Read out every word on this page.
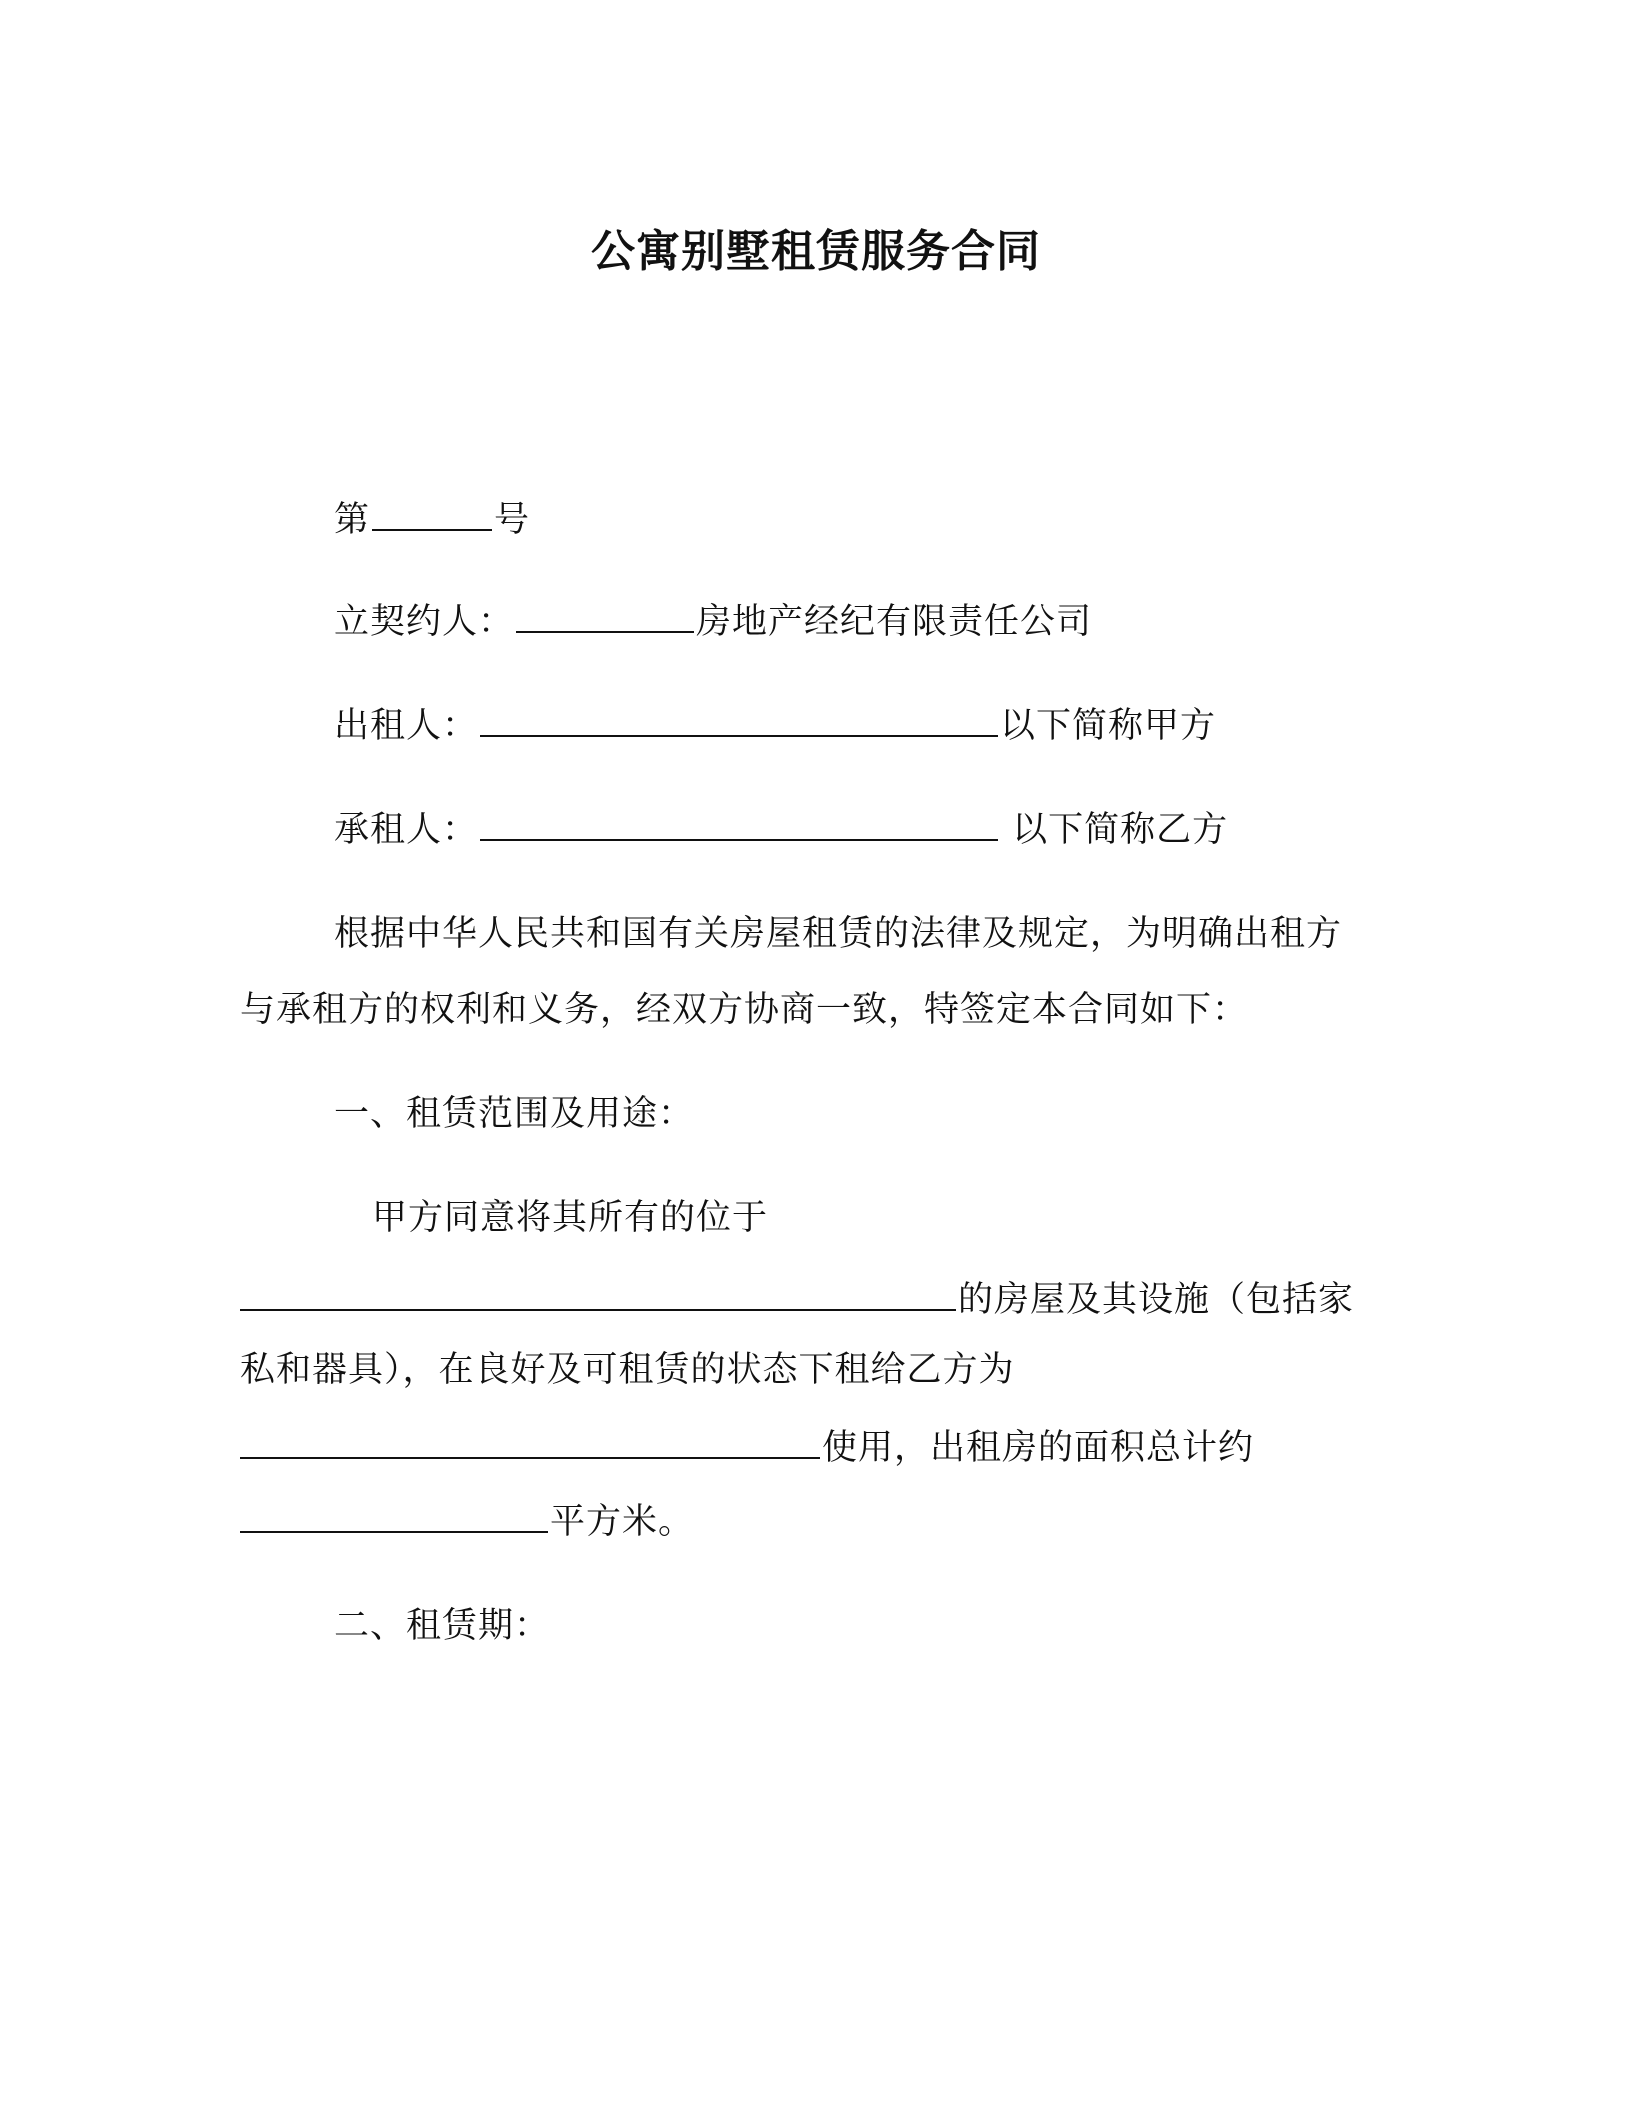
公寓别墅租赁服务合同
第	号
立契约人：	房地产经纪有限责任公司
出租人：	以下简称甲方
承租人：	以下简称乙方
根据中华人民共和国有关房屋租赁的法律及规定，为明确出租方
与承租方的权利和义务，经双方协商一致，特签定本合同如下：
一、租赁范围及用途：
甲方同意将其所有的位于
的房屋及其设施（包括家
私和器具），在良好及可租赁的状态下租给乙方为
使用，出租房的面积总计约
平方米。
二、租赁期：
